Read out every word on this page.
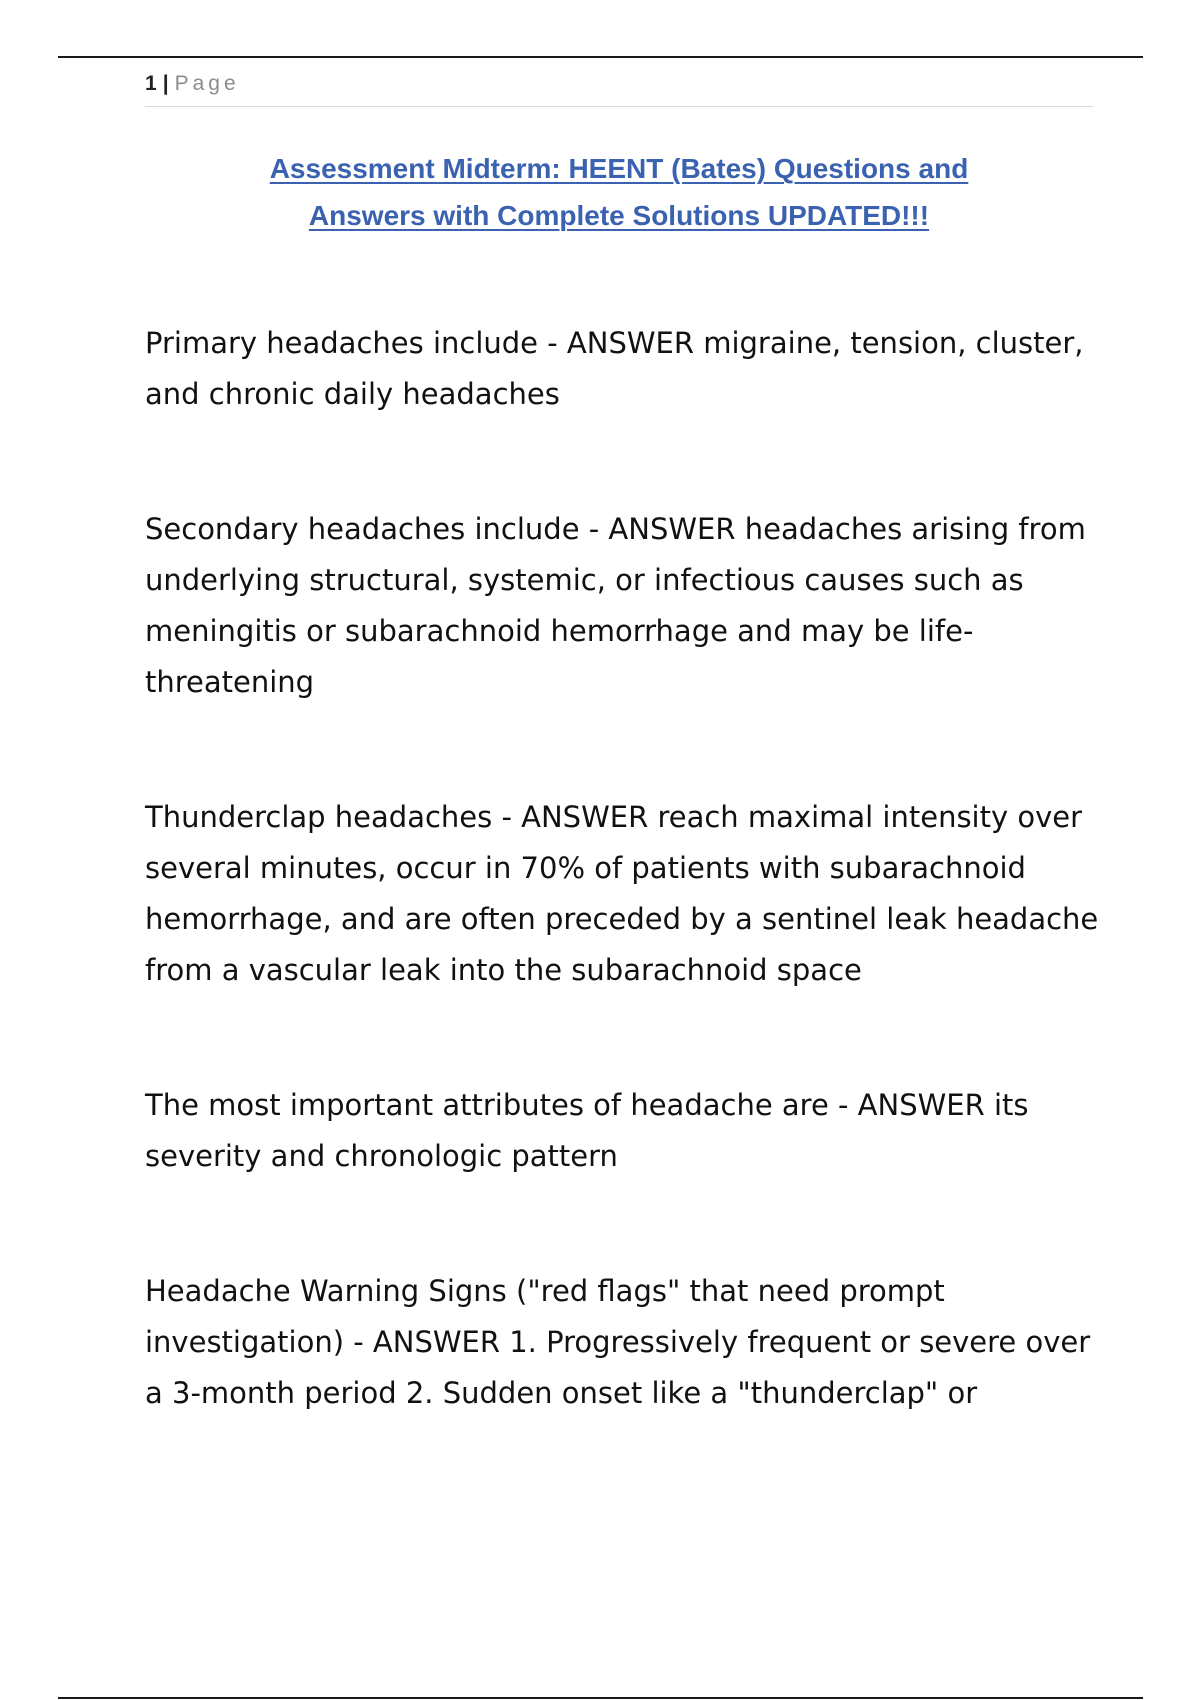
1 | Page
Assessment Midterm: HEENT (Bates) Questions and
Answers with Complete Solutions UPDATED!!!

Primary headaches include - ANSWER migraine, tension, cluster, and chronic daily headaches

Secondary headaches include - ANSWER headaches arising from underlying structural, systemic, or infectious causes such as meningitis or subarachnoid hemorrhage and may be life-threatening

Thunderclap headaches - ANSWER reach maximal intensity over several minutes, occur in 70% of patients with subarachnoid hemorrhage, and are often preceded by a sentinel leak headache from a vascular leak into the subarachnoid space

The most important attributes of headache are - ANSWER its severity and chronologic pattern

Headache Warning Signs ("red flags" that need prompt investigation) - ANSWER 1. Progressively frequent or severe over a 3-month period 2. Sudden onset like a "thunderclap" or
